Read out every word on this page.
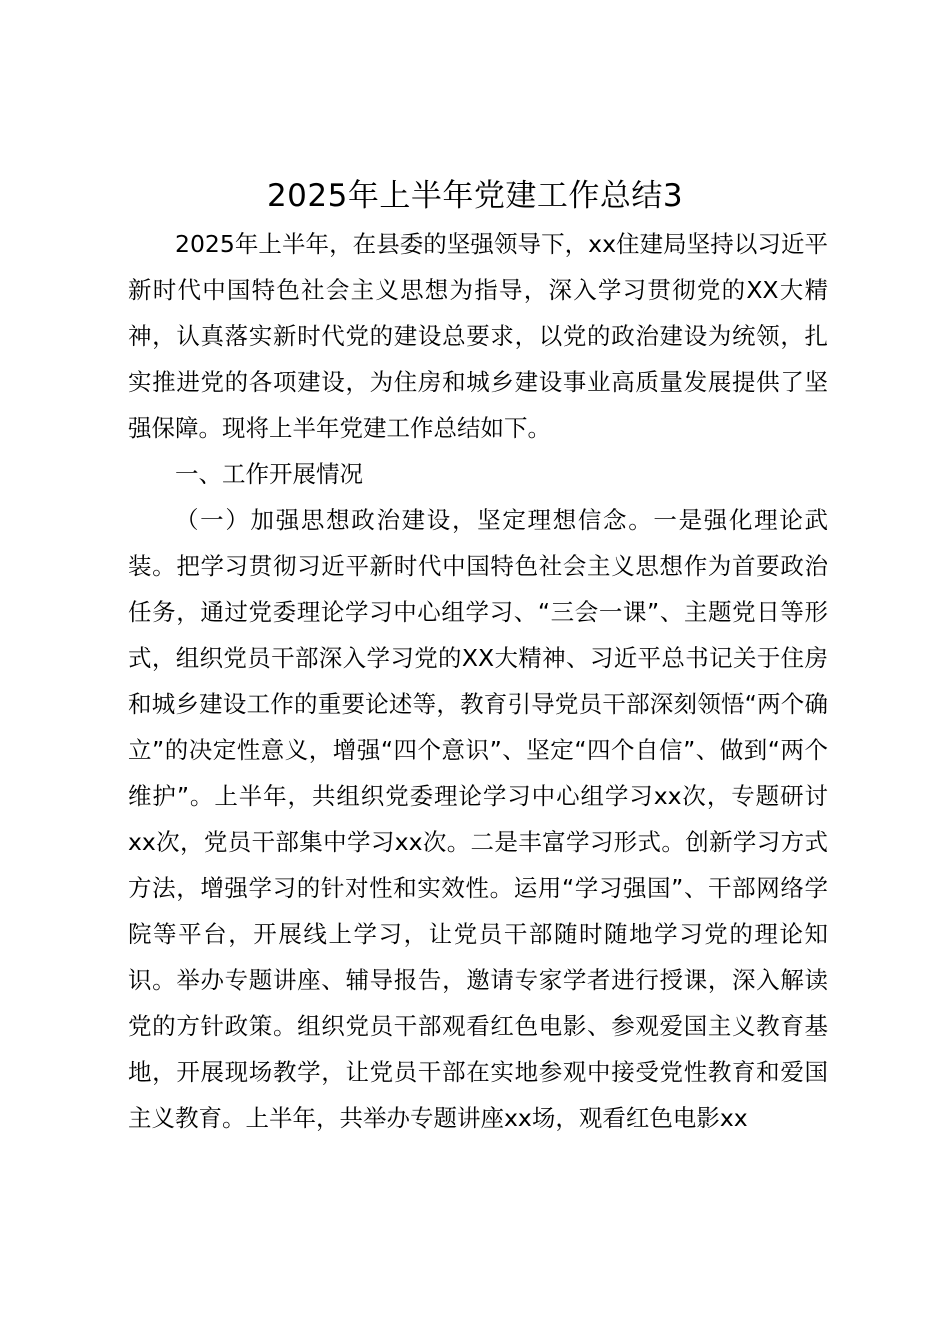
2025年上半年党建工作总结3

2025年上半年，在县委的坚强领导下，xx住建局坚持以习近平新时代中国特色社会主义思想为指导，深入学习贯彻党的XX大精神，认真落实新时代党的建设总要求，以党的政治建设为统领，扎实推进党的各项建设，为住房和城乡建设事业高质量发展提供了坚强保障。现将上半年党建工作总结如下。

一、工作开展情况

（一）加强思想政治建设，坚定理想信念。一是强化理论武装。把学习贯彻习近平新时代中国特色社会主义思想作为首要政治任务，通过党委理论学习中心组学习、“三会一课”、主题党日等形式，组织党员干部深入学习党的XX大精神、习近平总书记关于住房和城乡建设工作的重要论述等，教育引导党员干部深刻领悟“两个确立”的决定性意义，增强“四个意识”、坚定“四个自信”、做到“两个维护”。上半年，共组织党委理论学习中心组学习xx次，专题研讨xx次，党员干部集中学习xx次。二是丰富学习形式。创新学习方式方法，增强学习的针对性和实效性。运用“学习强国”、干部网络学院等平台，开展线上学习，让党员干部随时随地学习党的理论知识。举办专题讲座、辅导报告，邀请专家学者进行授课，深入解读党的方针政策。组织党员干部观看红色电影、参观爱国主义教育基地，开展现场教学，让党员干部在实地参观中接受党性教育和爱国主义教育。上半年，共举办专题讲座xx场，观看红色电影xx
